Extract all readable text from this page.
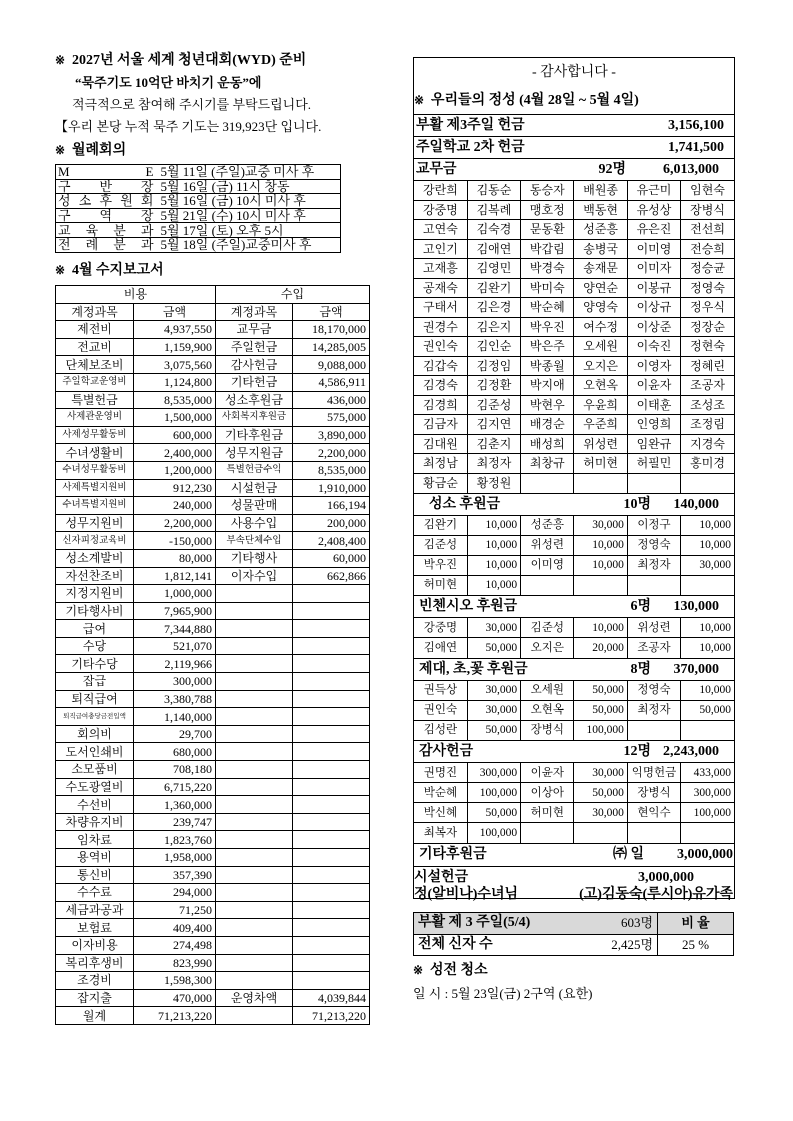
※ 2027년 서울 세계 청년대회(WYD) 준비
“묵주기도 10억단 바치기 운동”에
적극적으로 참여해 주시기를 부탁드립니다.
【우리 본당 누적 묵주 기도는 319,923단 입니다.
※ 월례회의
M E	5월 11일 (주일)교중 미사 후
구 반 장	5월 16일 (금) 11시 창동
성 소 후 원 회	5월 16일 (금) 10시 미사 후
구 역 장	5월 21일 (수) 10시 미사 후
교 육 분 과	5월 17일 (토) 오후 5시
전 례 분 과	5월 18일 (주일)교중미사 후
※ 4월 수지보고서
비용		수입	
계정과목	금액	계정과목	금액
제전비	4,937,550	교무금	18,170,000
전교비	1,159,900	주일헌금	14,285,005
단체보조비	3,075,560	감사헌금	9,088,000
주일학교운영비	1,124,800	기타헌금	4,586,911
특별헌금	8,535,000	성소후원금	436,000
사제관운영비	1,500,000	사회복지후원금	575,000
사제성무활동비	600,000	기타후원금	3,890,000
수녀생활비	2,400,000	성무지원금	2,200,000
수녀성무활동비	1,200,000	특별헌금수익	8,535,000
사제특별지원비	912,230	시설헌금	1,910,000
수녀특별지원비	240,000	성물판매	166,194
성무지원비	2,200,000	사용수입	200,000
신자피정교육비	-150,000	부속단체수입	2,408,400
성소계발비	80,000	기타행사	60,000
자선찬조비	1,812,141	이자수입	662,866
지정지원비	1,000,000		
기타행사비	7,965,900		
급여	7,344,880		
수당	521,070		
기타수당	2,119,966		
잡급	300,000		
퇴직급여	3,380,788		
퇴직급여충당금전입액	1,140,000		
회의비	29,700		
도서인쇄비	680,000		
소모품비	708,180		
수도광열비	6,715,220		
수선비	1,360,000		
차량유지비	239,747		
임차료	1,823,760		
용역비	1,958,000		
통신비	357,390		
수수료	294,000		
세금과공과	71,250		
보험료	409,400		
이자비용	274,498		
복리후생비	823,990		
조경비	1,598,300		
잡지출	470,000	운영차액	4,039,844
월계	71,213,220		71,213,220
- 감사합니다 -
※ 우리들의 정성 (4월 28일 ~ 5월 4일)
부활 제3주일 헌금	3,156,100
주일학교 2차 헌금	1,741,500
교무금	92명	6,013,000
강란희	김동순	동승자	배원종	유근미	임현숙
강중명	김복례	맹호정	백동현	유성상	장병식
고연숙	김숙경	문동환	성준흥	유은진	전선희
고인기	김애연	박갑림	송병국	이미영	전승희
고재흥	김영민	박경숙	송재문	이미자	정승균
공재숙	김완기	박미숙	양연순	이봉규	정영숙
구태서	김은경	박순혜	양영숙	이상규	정우식
권경수	김은지	박우진	여수정	이상준	정장순
권인숙	김인순	박은주	오세원	이숙진	정현숙
김갑숙	김정임	박종월	오지은	이영자	정혜린
김경숙	김정환	박지애	오현옥	이윤자	조공자
김경희	김준성	박현우	우윤희	이태훈	조성조
김금자	김지연	배경순	우준희	인영희	조정림
김대원	김춘지	배성희	위성련	임완규	지경숙
최정남	최정자	최창규	허미현	허필민	홍미경
황금순	황정원				
성소 후원금	10명 140,000
김완기	10,000	성준흥	30,000	이정구	10,000
김준성	10,000	위성련	10,000	정영숙	10,000
박우진	10,000	이미영	10,000	최정자	30,000
허미현	10,000				
빈첸시오 후원금	6명 130,000
강중명	30,000	김준성	10,000	위성련	10,000
김애연	50,000	오지은	20,000	조공자	10,000
제대, 초,꽃 후원금	8명 370,000
권득상	30,000	오세원	50,000	정영숙	10,000
권인숙	30,000	오현옥	50,000	최정자	50,000
김성란	50,000	장병식	100,000		
감사헌금	12명 2,243,000
권명진	300,000	이윤자	30,000	익명헌금	433,000
박순혜	100,000	이상아	50,000	장병식	300,000
박신혜	50,000	허미현	30,000	현익수	100,000
최복자	100,000				
기타후원금	㈜ 일 3,000,000
시설헌금	3,000,000
정(알비나)수녀님	(고)김동숙(루시아)유가족
부활 제 3 주일(5/4)	603명	비 율
전체 신자 수	2,425명	25 %
※ 성전 청소
일 시 : 5월 23일(금) 2구역 (요한)
